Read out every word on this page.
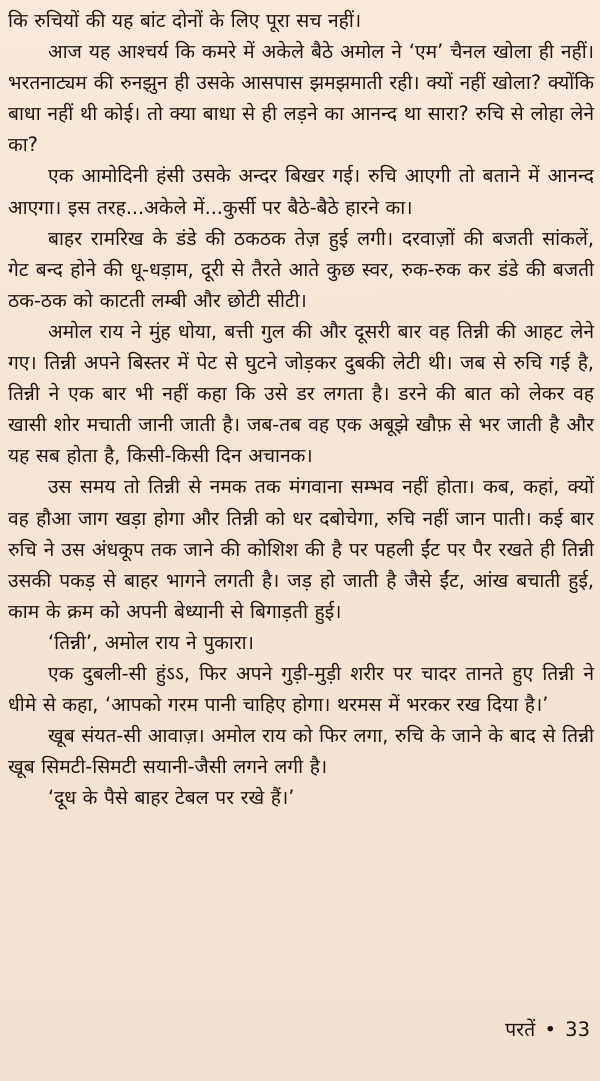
कि रुचियों की यह बांट दोनों के लिए पूरा सच नहीं।

आज यह आश्चर्य कि कमरे में अकेले बैठे अमोल ने ‘एम’ चैनल खोला ही नहीं। भरतनाट्यम की रुनझुन ही उसके आसपास झमझमाती रही। क्यों नहीं खोला? क्योंकि बाधा नहीं थी कोई। तो क्या बाधा से ही लड़ने का आनन्द था सारा? रुचि से लोहा लेने का?

एक आमोदिनी हंसी उसके अन्दर बिखर गई। रुचि आएगी तो बताने में आनन्द आएगा। इस तरह...अकेले में...कुर्सी पर बैठे-बैठे हारने का।

बाहर रामरिख के डंडे की ठकठक तेज़ हुई लगी। दरवाज़ों की बजती सांकलें, गेट बन्द होने की धू-धड़ाम, दूरी से तैरते आते कुछ स्वर, रुक-रुक कर डंडे की बजती ठक-ठक को काटती लम्बी और छोटी सीटी।

अमोल राय ने मुंह धोया, बत्ती गुल की और दूसरी बार वह तिन्नी की आहट लेने गए। तिन्नी अपने बिस्तर में पेट से घुटने जोड़कर दुबकी लेटी थी। जब से रुचि गई है, तिन्नी ने एक बार भी नहीं कहा कि उसे डर लगता है। डरने की बात को लेकर वह खासी शोर मचाती जानी जाती है। जब-तब वह एक अबूझे खौफ़ से भर जाती है और यह सब होता है, किसी-किसी दिन अचानक।

उस समय तो तिन्नी से नमक तक मंगवाना सम्भव नहीं होता। कब, कहां, क्यों वह हौआ जाग खड़ा होगा और तिन्नी को धर दबोचेगा, रुचि नहीं जान पाती। कई बार रुचि ने उस अंधकूप तक जाने की कोशिश की है पर पहली ईंट पर पैर रखते ही तिन्नी उसकी पकड़ से बाहर भागने लगती है। जड़ हो जाती है जैसे ईंट, आंख बचाती हुई, काम के क्रम को अपनी बेध्यानी से बिगाड़ती हुई।

‘तिन्नी’, अमोल राय ने पुकारा।

एक दुबली-सी हुंऽऽ, फिर अपने गुड़ी-मुड़ी शरीर पर चादर तानते हुए तिन्नी ने धीमे से कहा, ‘आपको गरम पानी चाहिए होगा। थरमस में भरकर रख दिया है।’

खूब संयत-सी आवाज़। अमोल राय को फिर लगा, रुचि के जाने के बाद से तिन्नी खूब सिमटी-सिमटी सयानी-जैसी लगने लगी है।

‘दूध के पैसे बाहर टेबल पर रखे हैं।’

परतें • 33
